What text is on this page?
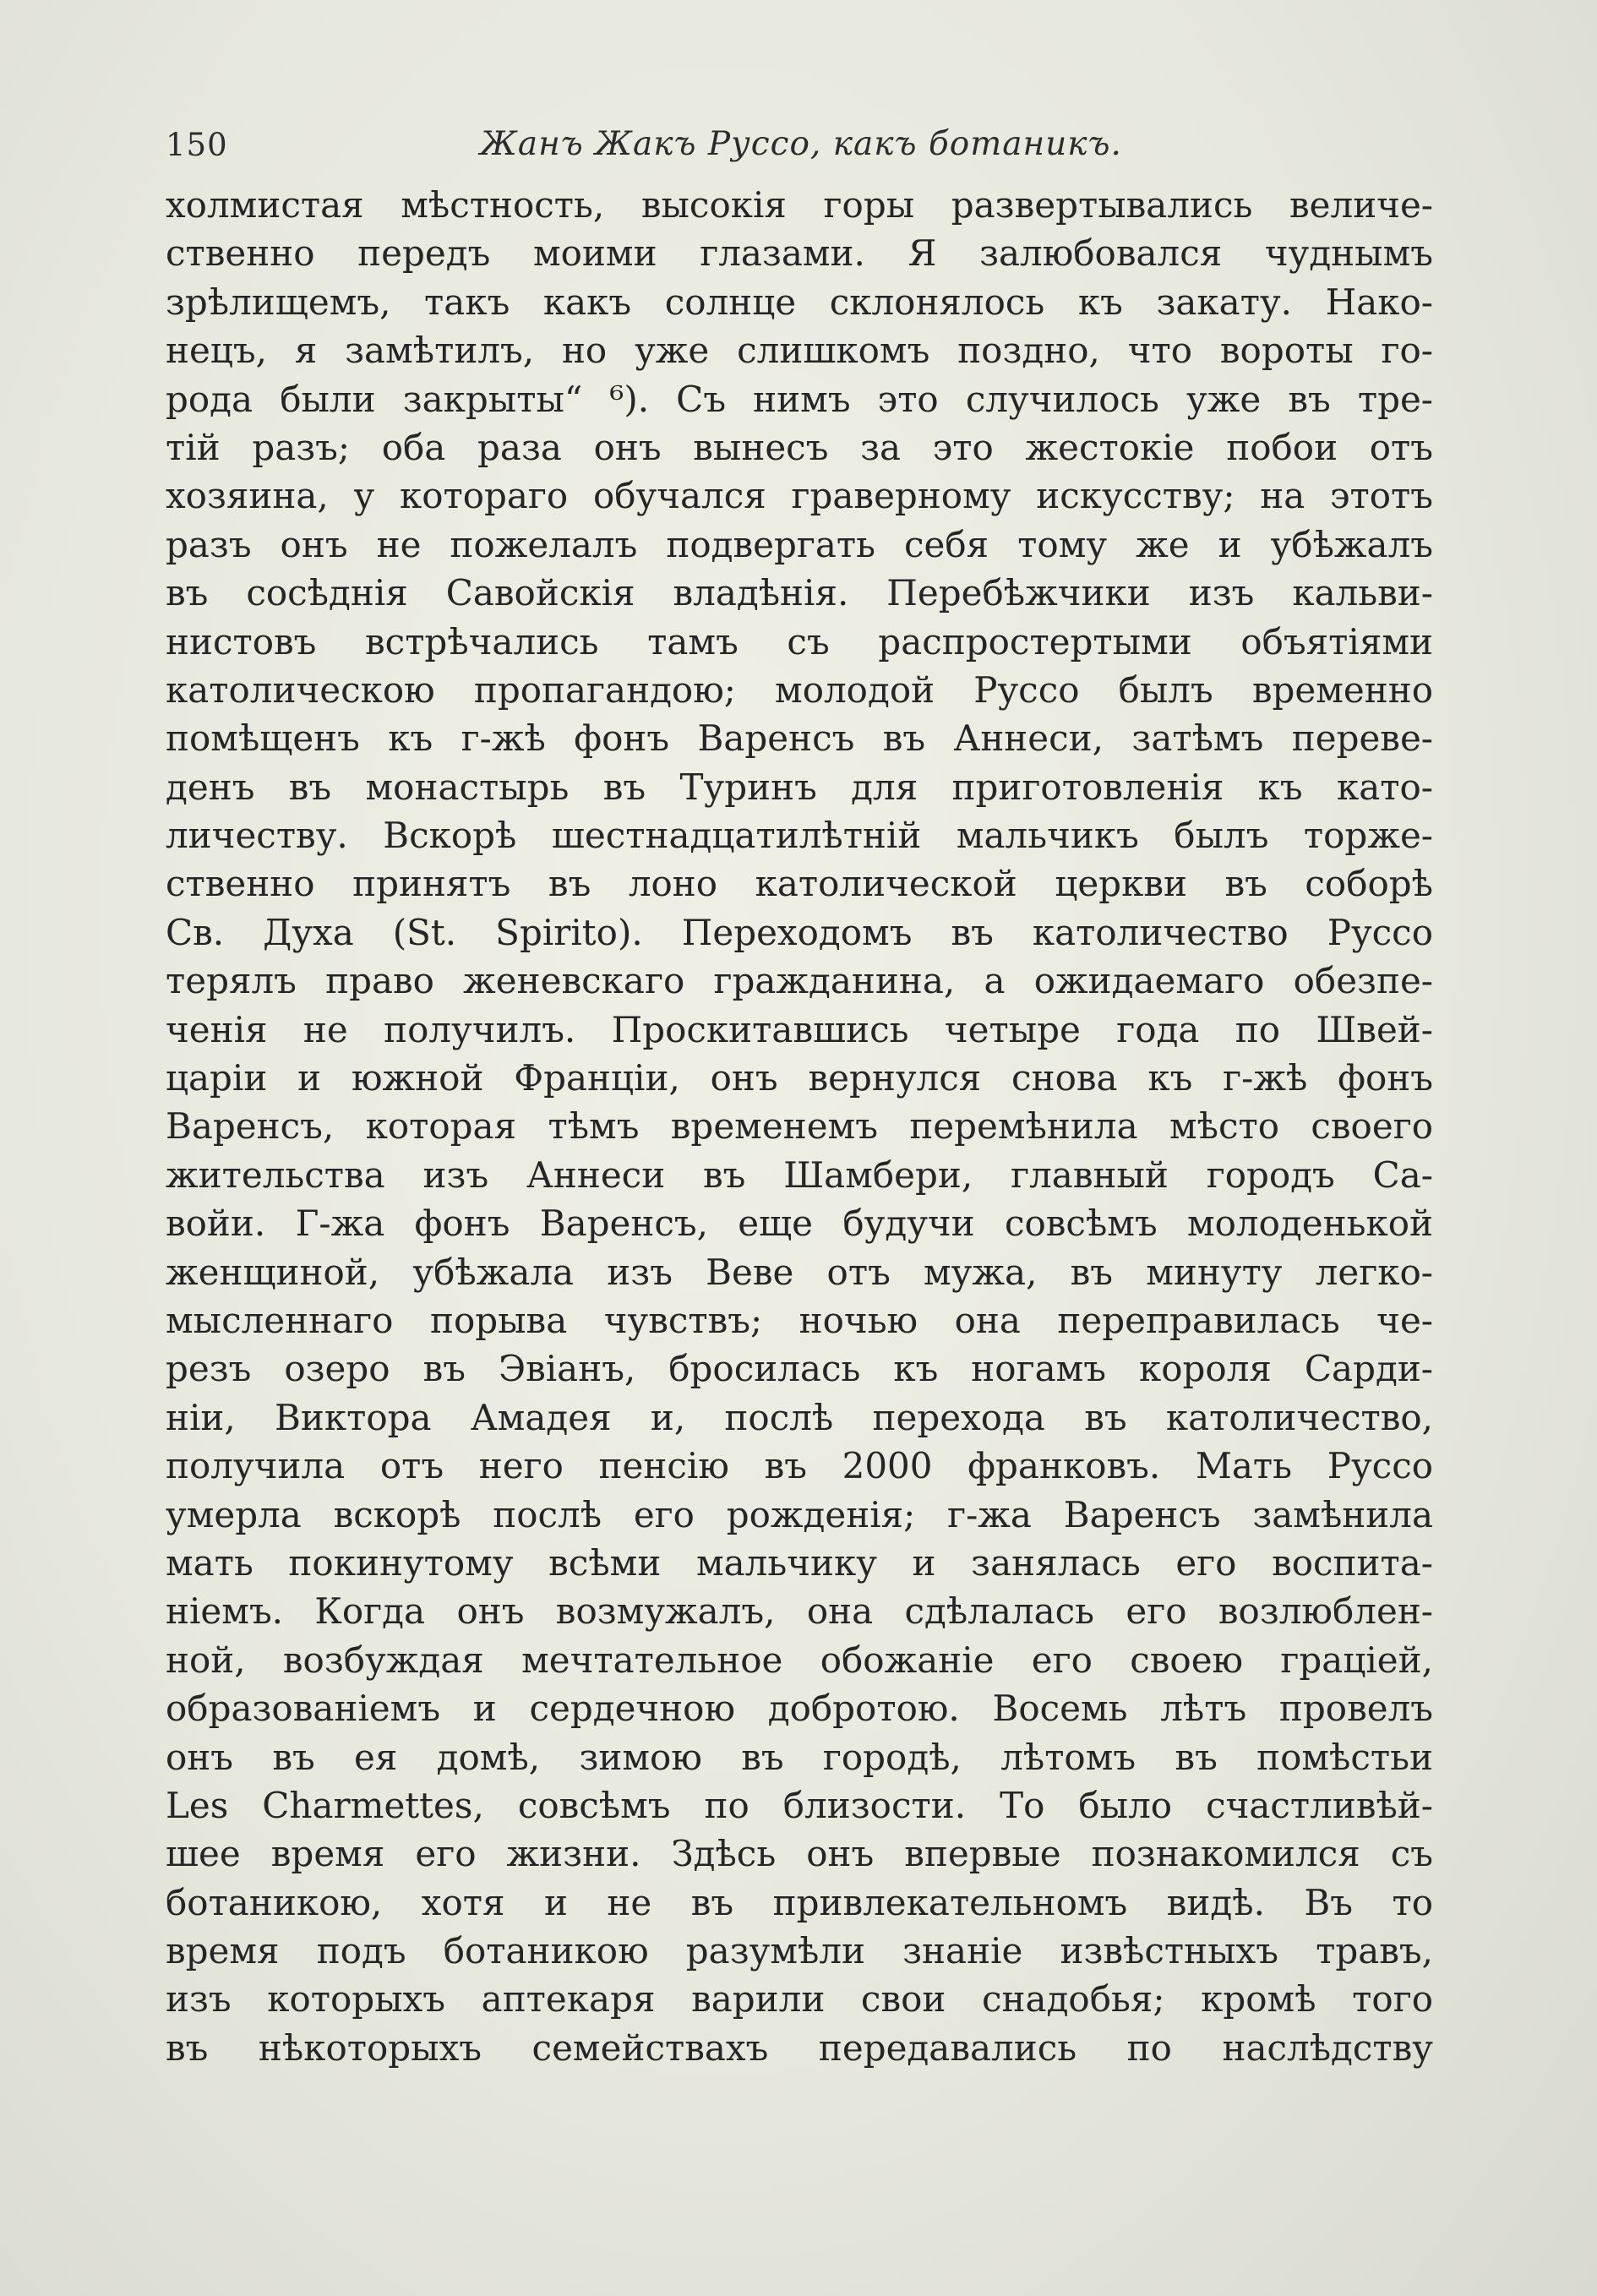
150	Жанъ Жакъ Руссо, какъ ботаникъ.
холмистая мѣстность, высокія горы развертывались величе-
ственно передъ моими глазами. Я залюбовался чуднымъ
зрѣлищемъ, такъ какъ солнце склонялось къ закату. Нако-
нецъ, я замѣтилъ, но уже слишкомъ поздно, что вороты го-
рода были закрыты“ ⁶). Съ нимъ это случилось уже въ тре-
тій разъ; оба раза онъ вынесъ за это жестокіе побои отъ
хозяина, у котораго обучался граверному искусству; на этотъ
разъ онъ не пожелалъ подвергать себя тому же и убѣжалъ
въ сосѣднія Савойскія владѣнія. Перебѣжчики изъ кальви-
нистовъ встрѣчались тамъ съ распростертыми объятіями
католическою пропагандою; молодой Руссо былъ временно
помѣщенъ къ г-жѣ фонъ Варенсъ въ Аннеси, затѣмъ переве-
денъ въ монастырь въ Туринъ для приготовленія къ като-
личеству. Вскорѣ шестнадцатилѣтній мальчикъ былъ торже-
ственно принятъ въ лоно католической церкви въ соборѣ
Св. Духа (St. Spirito). Переходомъ въ католичество Руссо
терялъ право женевскаго гражданина, а ожидаемаго обезпе-
ченія не получилъ. Проскитавшись четыре года по Швей-
царіи и южной Франціи, онъ вернулся снова къ г-жѣ фонъ
Варенсъ, которая тѣмъ временемъ перемѣнила мѣсто своего
жительства изъ Аннеси въ Шамбери, главный городъ Са-
войи. Г-жа фонъ Варенсъ, еще будучи совсѣмъ молоденькой
женщиной, убѣжала изъ Веве отъ мужа, въ минуту легко-
мысленнаго порыва чувствъ; ночью она переправилась че-
резъ озеро въ Эвіанъ, бросилась къ ногамъ короля Сарди-
ніи, Виктора Амадея и, послѣ перехода въ католичество,
получила отъ него пенсію въ 2000 франковъ. Мать Руссо
умерла вскорѣ послѣ его рожденія; г-жа Варенсъ замѣнила
мать покинутому всѣми мальчику и занялась его воспита-
ніемъ. Когда онъ возмужалъ, она сдѣлалась его возлюблен-
ной, возбуждая мечтательное обожаніе его своею граціей,
образованіемъ и сердечною добротою. Восемь лѣтъ провелъ
онъ въ ея домѣ, зимою въ городѣ, лѣтомъ въ помѣстьи
Les Charmettes, совсѣмъ по близости. То было счастливѣй-
шее время его жизни. Здѣсь онъ впервые познакомился съ
ботаникою, хотя и не въ привлекательномъ видѣ. Въ то
время подъ ботаникою разумѣли знаніе извѣстныхъ травъ,
изъ которыхъ аптекаря варили свои снадобья; кромѣ того
въ нѣкоторыхъ семействахъ передавались по наслѣдству
